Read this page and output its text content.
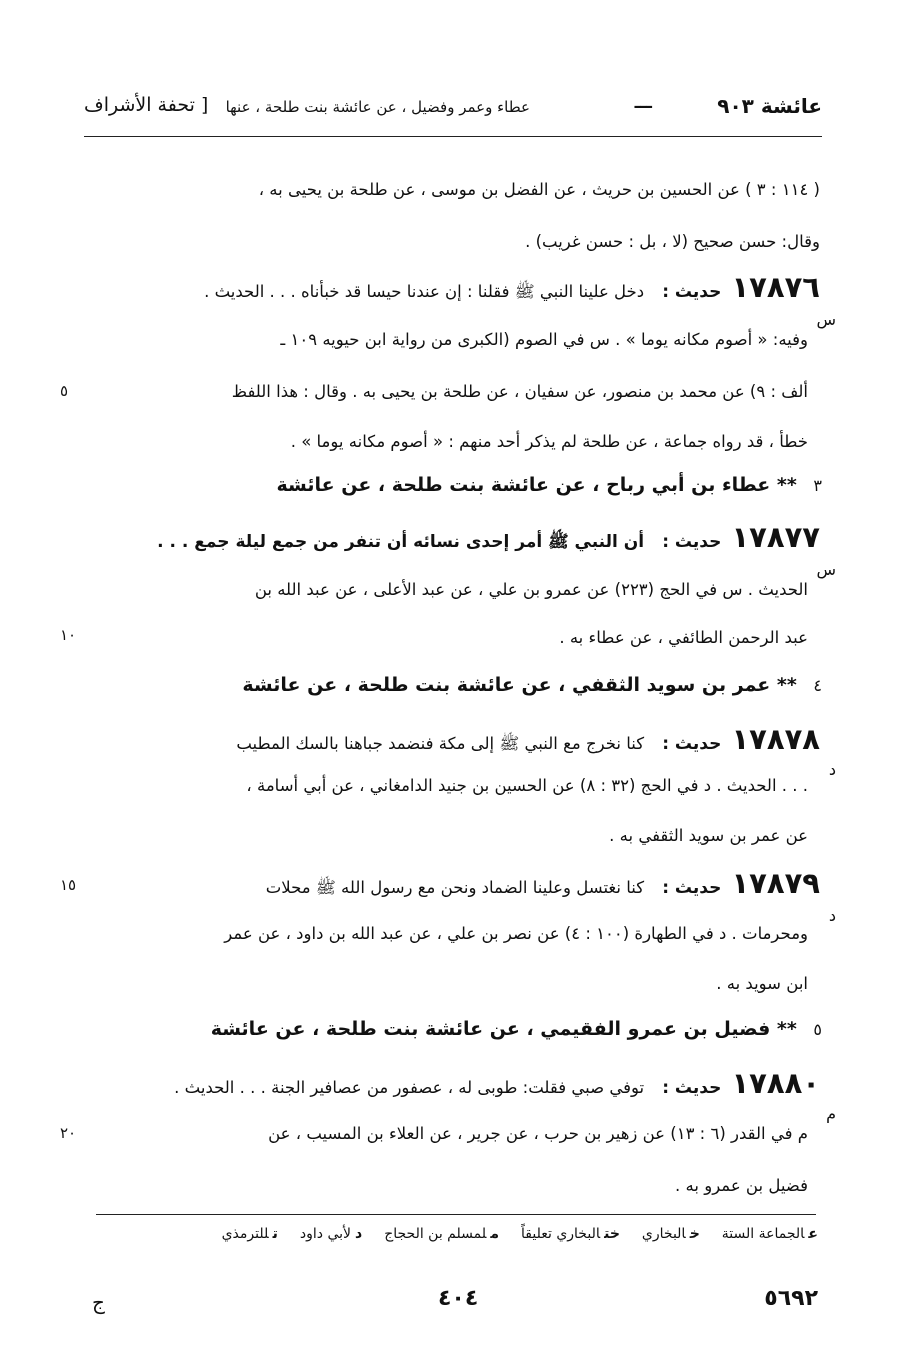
عائشة ٩٠٣
ـــ
عطاء وعمر وفضيل ، عن عائشة بنت طلحة ، عنها
[ تحفة الأشراف
( ١١٤ : ٣ ) عن الحسين بن حريث ، عن الفضل بن موسى ، عن طلحة بن يحيى به ،
وقال: حسن صحيح (لا ، بل : حسن غريب) .
١٧٨٧٦ حديث : دخل علينا النبي ﷺ فقلنا : إن عندنا حيسا قد خبأناه . . . الحديث .
س
وفيه: « أصوم مكانه يوما » . س في الصوم (الكبرى من رواية ابن حيويه ١٠٩ ـ
ألف : ٩) عن محمد بن منصور، عن سفيان ، عن طلحة بن يحيى به . وقال : هذا اللفظ
خطأ ، قد رواه جماعة ، عن طلحة لم يذكر أحد منهم : « أصوم مكانه يوما » .
٥
٣ ** عطاء بن أبي رباح ، عن عائشة بنت طلحة ، عن عائشة
١٧٨٧٧ حديث : أن النبي ﷺ أمر إحدى نسائه أن تنفر من جمع ليلة جمع . . .
س
الحديث . س في الحج (٢٢٣) عن عمرو بن علي ، عن عبد الأعلى ، عن عبد الله بن
عبد الرحمن الطائفي ، عن عطاء به .
١٠
٤ ** عمر بن سويد الثقفي ، عن عائشة بنت طلحة ، عن عائشة
١٧٨٧٨ حديث : كنا نخرج مع النبي ﷺ إلى مكة فنضمد جباهنا بالسك المطيب
د
. . . الحديث . د في الحج (٣٢ : ٨) عن الحسين بن جنيد الدامغاني ، عن أبي أسامة ،
عن عمر بن سويد الثقفي به .
١٧٨٧٩ حديث : كنا نغتسل وعلينا الضماد ونحن مع رسول الله ﷺ محلات
١٥
د
ومحرمات . د في الطهارة (١٠٠ : ٤) عن نصر بن علي ، عن عبد الله بن داود ، عن عمر
ابن سويد به .
٥ ** فضيل بن عمرو الفقيمي ، عن عائشة بنت طلحة ، عن عائشة
١٧٨٨٠ حديث : توفي صبي فقلت: طوبى له ، عصفور من عصافير الجنة . . . الحديث .
م
م في القدر (٦ : ١٣) عن زهير بن حرب ، عن جرير ، عن العلاء بن المسيب ، عن
فضيل بن عمرو به .
٢٠
عالجماعة الستة
خالبخاري
ختالبخاري تعليقاً
ملمسلم بن الحجاج
دلأبي داود
تللترمذي
٥٦٩٢
٤٠٤
ج
